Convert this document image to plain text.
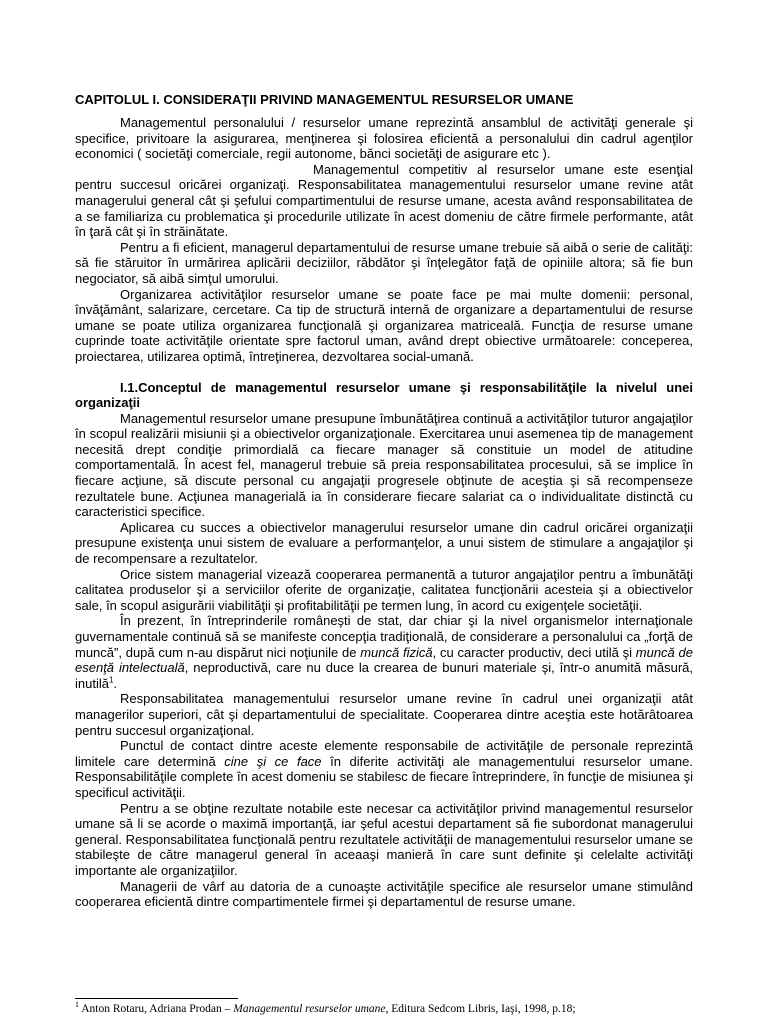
CAPITOLUL I. CONSIDERAŢII PRIVIND MANAGEMENTUL RESURSELOR UMANE

Managementul personalului / resurselor umane reprezintă ansamblul de activităţi generale şi specifice, privitoare la asigurarea, menţinerea şi folosirea eficientă a personalului din cadrul agenţilor economici ( societăţi comerciale, regii autonome, bănci societăţi de asigurare etc ).

Managementul competitiv al resurselor umane este esenţial pentru succesul oricărei organizaţi. Responsabilitatea managementului resurselor umane revine atât managerului general cât şi şefului compartimentului de resurse umane, acesta având responsabilitatea de a se familiariza cu problematica şi procedurile utilizate în acest domeniu de către firmele performante, atât în ţară cât şi în străinătate.

Pentru a fi eficient, managerul departamentului de resurse umane trebuie să aibă o serie de calităţi: să fie stăruitor în urmărirea aplicării deciziilor, răbdător şi înţelegător faţă de opiniile altora; să fie bun negociator, să aibă simţul umorului.

Organizarea activităţilor resurselor umane se poate face pe mai multe domenii: personal, învăţământ, salarizare, cercetare. Ca tip de structură internă de organizare a departamentului de resurse umane se poate utiliza organizarea funcţională şi organizarea matriceală. Funcţia de resurse umane cuprinde toate activităţile orientate spre factorul uman, având drept obiective următoarele: conceperea, proiectarea, utilizarea optimă, întreţinerea, dezvoltarea social-umană.

I.1.Conceptul de managementul resurselor umane şi responsabilităţile la nivelul unei organizaţii

Managementul resurselor umane presupune îmbunătăţirea continuă a activităţilor tuturor angajaţilor în scopul realizării misiunii şi a obiectivelor organizaţionale. Exercitarea unui asemenea tip de management necesită drept condiţie primordială ca fiecare manager să constituie un model de atitudine comportamentală. În acest fel, managerul trebuie să preia responsabilitatea procesului, să se implice în fiecare acţiune, să discute personal cu angajaţii progresele obţinute de aceştia şi să recompenseze rezultatele bune. Acţiunea managerială ia în considerare fiecare salariat ca o individualitate distinctă cu caracteristici specifice.

Aplicarea cu succes a obiectivelor managerului resurselor umane din cadrul oricărei organizaţii presupune existenţa unui sistem de evaluare a performanţelor, a unui sistem de stimulare a angajaţilor şi de recompensare a rezultatelor.

Orice sistem managerial vizează cooperarea permanentă a tuturor angajaţilor pentru a îmbunătăţi calitatea produselor şi a serviciilor oferite de organizaţie, calitatea funcţionării acesteia şi a obiectivelor sale, în scopul asigurării viabilităţii şi profitabilităţii pe termen lung, în acord cu exigenţele societăţii.

În prezent, în întreprinderile româneşti de stat, dar chiar şi la nivel organismelor internaţionale guvernamentale continuă să se manifeste concepţia tradiţională, de considerare a personalului ca „forţă de muncă”, după cum n-au dispărut nici noţiunile de muncă fizică, cu caracter productiv, deci utilă şi muncă de esenţă intelectuală, neproductivă, care nu duce la crearea de bunuri materiale şi, într-o anumită măsură, inutilă$^1$.

Responsabilitatea managementului resurselor umane revine în cadrul unei organizaţii atât managerilor superiori, cât şi departamentului de specialitate. Cooperarea dintre aceştia este hotărâtoarea pentru succesul organizaţional.

Punctul de contact dintre aceste elemente responsabile de activităţile de personale reprezintă limitele care determină cine şi ce face în diferite activităţi ale managementului resurselor umane. Responsabilităţile complete în acest domeniu se stabilesc de fiecare întreprindere, în funcţie de misiunea şi specificul activităţii.

Pentru a se obţine rezultate notabile este necesar ca activităţilor privind managementul resurselor umane să li se acorde o maximă importanţă, iar şeful acestui departament să fie subordonat managerului general. Responsabilitatea funcţională pentru rezultatele activităţii de managementului resurselor umane se stabileşte de către managerul general în aceaaşi manieră în care sunt definite şi celelalte activităţi importante ale organizaţiilor.

Managerii de vârf au datoria de a cunoaşte activităţile specifice ale resurselor umane stimulând cooperarea eficientă dintre compartimentele firmei şi departamentul de resurse umane.

$^1$ Anton Rotaru, Adriana Prodan – Managementul resurselor umane, Editura Sedcom Libris, Iaşi, 1998, p.18;
